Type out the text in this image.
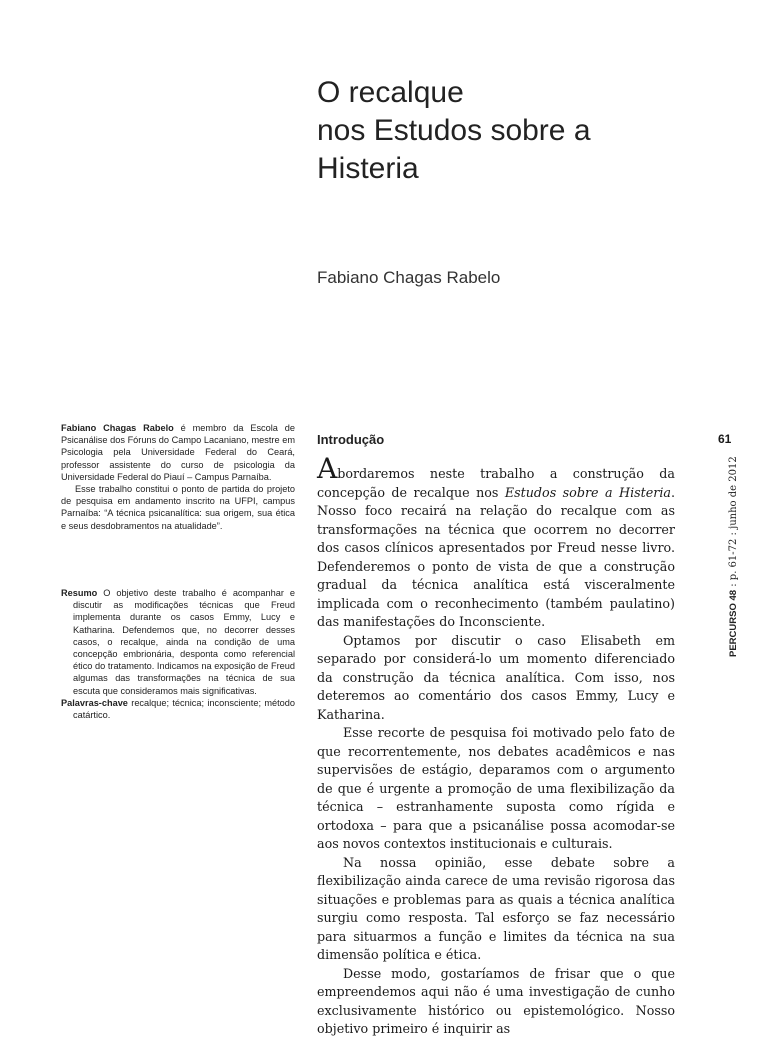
O recalque
nos Estudos sobre a
Histeria
Fabiano Chagas Rabelo

Fabiano Chagas Rabelo é membro da Escola de Psicanálise dos Fóruns do Campo Lacaniano, mestre em Psicologia pela Universidade Federal do Ceará, professor assistente do curso de psicologia da Universidade Federal do Piauí – Campus Parnaíba.

Esse trabalho constitui o ponto de partida do projeto de pesquisa em andamento inscrito na UFPI, campus Parnaíba: “A técnica psicanalítica: sua origem, sua ética e seus desdobramentos na atualidade”.

Resumo O objetivo deste trabalho é acompanhar e discutir as modificações técnicas que Freud implementa durante os casos Emmy, Lucy e Katharina. Defendemos que, no decorrer desses casos, o recalque, ainda na condição de uma concepção embrionária, desponta como referencial ético do tratamento. Indicamos na exposição de Freud algumas das transformações na técnica de sua escuta que consideramos mais significativas.

Palavras-chave recalque; técnica; inconsciente; método catártico.

Introdução	61
PERCURSO 48 : p. 61-72 : junho de 2012

Abordaremos neste trabalho a construção da concepção de recalque nos Estudos sobre a Histeria. Nosso foco recairá na relação do recalque com as transformações na técnica que ocorrem no decorrer dos casos clínicos apresentados por Freud nesse livro. Defenderemos o ponto de vista de que a construção gradual da técnica analítica está visceralmente implicada com o reconhecimento (também paulatino) das manifestações do Inconsciente.

Optamos por discutir o caso Elisabeth em separado por considerá-lo um momento diferenciado da construção da técnica analítica. Com isso, nos deteremos ao comentário dos casos Emmy, Lucy e Katharina.

Esse recorte de pesquisa foi motivado pelo fato de que recorrentemente, nos debates acadêmicos e nas supervisões de estágio, deparamos com o argumento de que é urgente a promoção de uma flexibilização da técnica – estranhamente suposta como rígida e ortodoxa – para que a psicanálise possa acomodar-se aos novos contextos institucionais e culturais.

Na nossa opinião, esse debate sobre a flexibilização ainda carece de uma revisão rigorosa das situações e problemas para as quais a técnica analítica surgiu como resposta. Tal esforço se faz necessário para situarmos a função e limites da técnica na sua dimensão política e ética.

Desse modo, gostaríamos de frisar que o que empreendemos aqui não é uma investigação de cunho exclusivamente histórico ou epistemológico. Nosso objetivo primeiro é inquirir as
